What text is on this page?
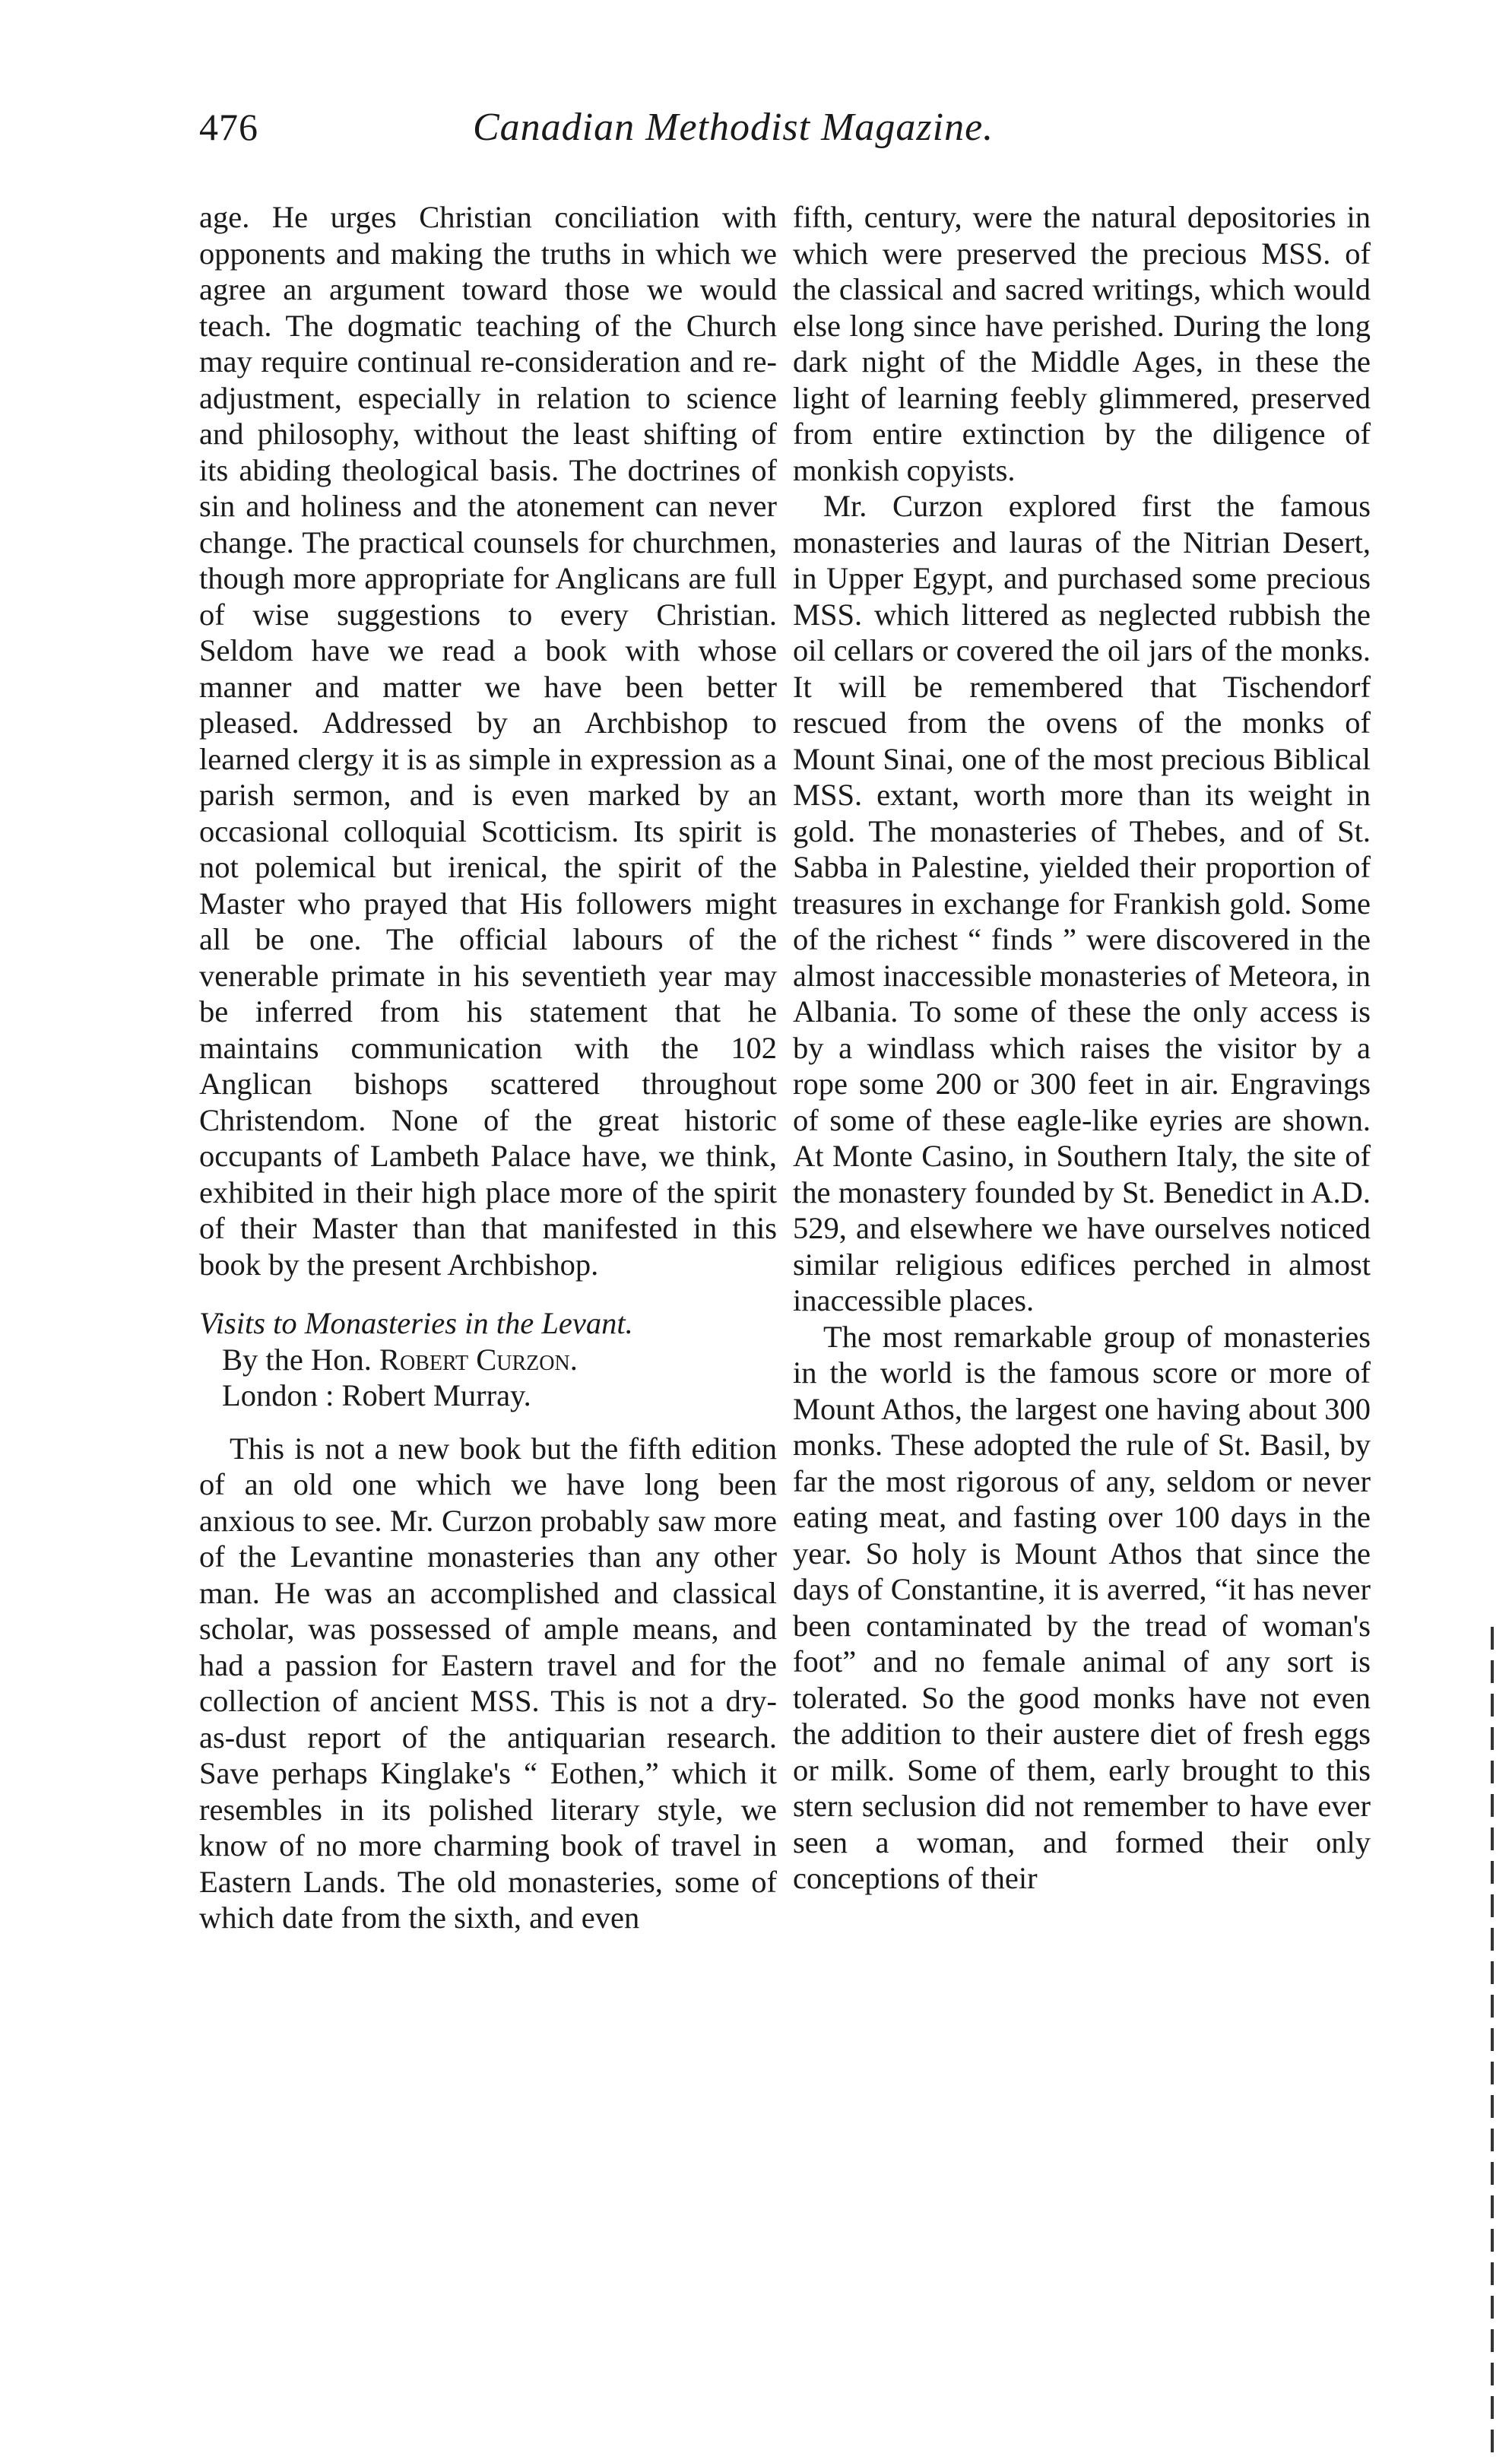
476	Canadian Methodist Magazine.

age. He urges Christian conciliation with opponents and making the truths in which we agree an argument toward those we would teach. The dogmatic teaching of the Church may require continual re-consideration and re-adjustment, especially in relation to science and philosophy, without the least shifting of its abiding theological basis. The doctrines of sin and holiness and the atonement can never change. The practical counsels for churchmen, though more appropriate for Anglicans are full of wise suggestions to every Christian. Seldom have we read a book with whose manner and matter we have been better pleased. Addressed by an Archbishop to learned clergy it is as simple in expression as a parish sermon, and is even marked by an occasional colloquial Scotticism. Its spirit is not polemical but irenical, the spirit of the Master who prayed that His followers might all be one. The official labours of the venerable primate in his seventieth year may be inferred from his statement that he maintains communication with the 102 Anglican bishops scattered throughout Christendom. None of the great historic occupants of Lambeth Palace have, we think, exhibited in their high place more of the spirit of their Master than that manifested in this book by the present Archbishop.

Visits to Monasteries in the Levant.
By the Hon. Robert Curzon.
London : Robert Murray.

This is not a new book but the fifth edition of an old one which we have long been anxious to see. Mr. Curzon probably saw more of the Levantine monasteries than any other man. He was an accomplished and classical scholar, was possessed of ample means, and had a passion for Eastern travel and for the collection of ancient MSS. This is not a dry-as-dust report of the antiquarian research. Save perhaps Kinglake's “ Eothen,” which it resembles in its polished literary style, we know of no more charming book of travel in Eastern Lands. The old monasteries, some of which date from the sixth, and even

fifth, century, were the natural depositories in which were preserved the precious MSS. of the classical and sacred writings, which would else long since have perished. During the long dark night of the Middle Ages, in these the light of learning feebly glimmered, preserved from entire extinction by the diligence of monkish copyists.

Mr. Curzon explored first the famous monasteries and lauras of the Nitrian Desert, in Upper Egypt, and purchased some precious MSS. which littered as neglected rubbish the oil cellars or covered the oil jars of the monks. It will be remembered that Tischendorf rescued from the ovens of the monks of Mount Sinai, one of the most precious Biblical MSS. extant, worth more than its weight in gold. The monasteries of Thebes, and of St. Sabba in Palestine, yielded their proportion of treasures in exchange for Frankish gold. Some of the richest “ finds ” were discovered in the almost inaccessible monasteries of Meteora, in Albania. To some of these the only access is by a windlass which raises the visitor by a rope some 200 or 300 feet in air. Engravings of some of these eagle-like eyries are shown. At Monte Casino, in Southern Italy, the site of the monastery founded by St. Benedict in A.D. 529, and elsewhere we have ourselves noticed similar religious edifices perched in almost inaccessible places.

The most remarkable group of monasteries in the world is the famous score or more of Mount Athos, the largest one having about 300 monks. These adopted the rule of St. Basil, by far the most rigorous of any, seldom or never eating meat, and fasting over 100 days in the year. So holy is Mount Athos that since the days of Constantine, it is averred, “it has never been contaminated by the tread of woman's foot” and no female animal of any sort is tolerated. So the good monks have not even the addition to their austere diet of fresh eggs or milk. Some of them, early brought to this stern seclusion did not remember to have ever seen a woman, and formed their only conceptions of their
